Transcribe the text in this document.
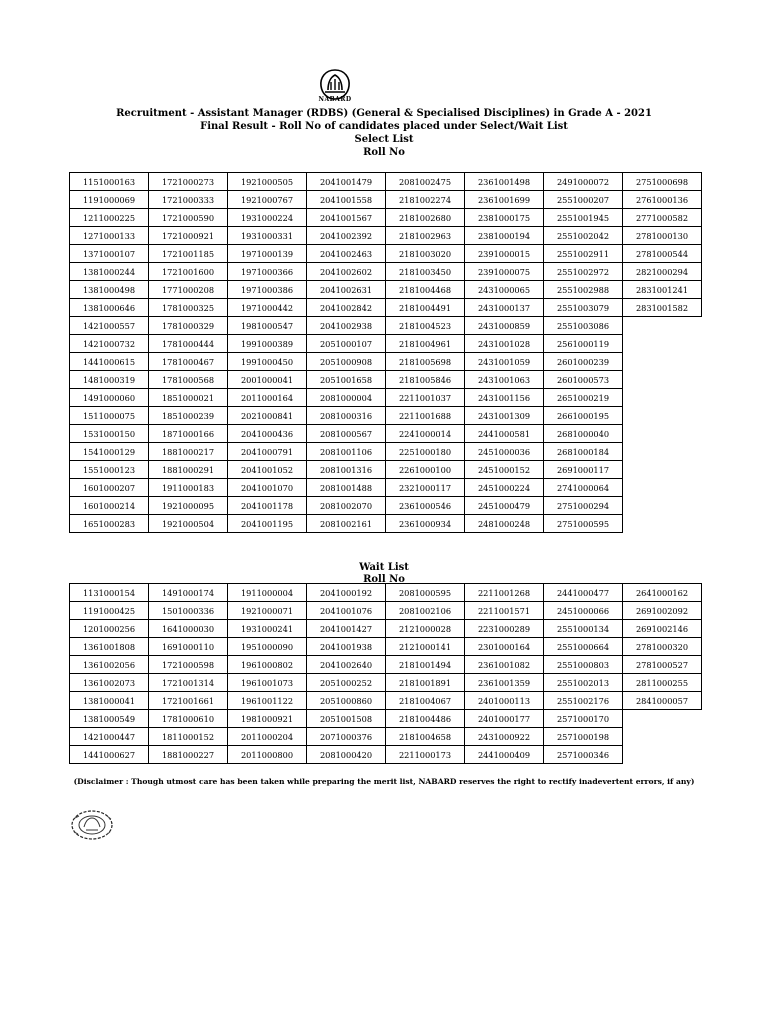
NABARD
Recruitment - Assistant Manager (RDBS) (General & Specialised Disciplines) in Grade A - 2021
Final Result - Roll No of candidates placed under Select/Wait List
Select List
Roll No
1151000163	1721000273	1921000505	2041001479	2081002475	2361001498	2491000072	2751000698
1191000069	1721000333	1921000767	2041001558	2181002274	2361001699	2551000207	2761000136
1211000225	1721000590	1931000224	2041001567	2181002680	2381000175	2551001945	2771000582
1271000133	1721000921	1931000331	2041002392	2181002963	2381000194	2551002042	2781000130
1371000107	1721001185	1971000139	2041002463	2181003020	2391000015	2551002911	2781000544
1381000244	1721001600	1971000366	2041002602	2181003450	2391000075	2551002972	2821000294
1381000498	1771000208	1971000386	2041002631	2181004468	2431000065	2551002988	2831001241
1381000646	1781000325	1971000442	2041002842	2181004491	2431000137	2551003079	2831001582
1421000557	1781000329	1981000547	2041002938	2181004523	2431000859	2551003086	
1421000732	1781000444	1991000389	2051000107	2181004961	2431001028	2561000119	
1441000615	1781000467	1991000450	2051000908	2181005698	2431001059	2601000239	
1481000319	1781000568	2001000041	2051001658	2181005846	2431001063	2601000573	
1491000060	1851000021	2011000164	2081000004	2211001037	2431001156	2651000219	
1511000075	1851000239	2021000841	2081000316	2211001688	2431001309	2661000195	
1531000150	1871000166	2041000436	2081000567	2241000014	2441000581	2681000040	
1541000129	1881000217	2041000791	2081001106	2251000180	2451000036	2681000184	
1551000123	1881000291	2041001052	2081001316	2261000100	2451000152	2691000117	
1601000207	1911000183	2041001070	2081001488	2321000117	2451000224	2741000064	
1601000214	1921000095	2041001178	2081002070	2361000546	2451000479	2751000294	
1651000283	1921000504	2041001195	2081002161	2361000934	2481000248	2751000595	
Wait List
Roll No
1131000154	1491000174	1911000004	2041000192	2081000595	2211001268	2441000477	2641000162
1191000425	1501000336	1921000071	2041001076	2081002106	2211001571	2451000066	2691002092
1201000256	1641000030	1931000241	2041001427	2121000028	2231000289	2551000134	2691002146
1361001808	1691000110	1951000090	2041001938	2121000141	2301000164	2551000664	2781000320
1361002056	1721000598	1961000802	2041002640	2181001494	2361001082	2551000803	2781000527
1361002073	1721001314	1961001073	2051000252	2181001891	2361001359	2551002013	2811000255
1381000041	1721001661	1961001122	2051000860	2181004067	2401000113	2551002176	2841000057
1381000549	1781000610	1981000921	2051001508	2181004486	2401000177	2571000170	
1421000447	1811000152	2011000204	2071000376	2181004658	2431000922	2571000198	
1441000627	1881000227	2011000800	2081000420	2211000173	2441000409	2571000346	
(Disclaimer : Though utmost care has been taken while preparing the merit list, NABARD reserves the right to rectify inadevertent errors, if any)
